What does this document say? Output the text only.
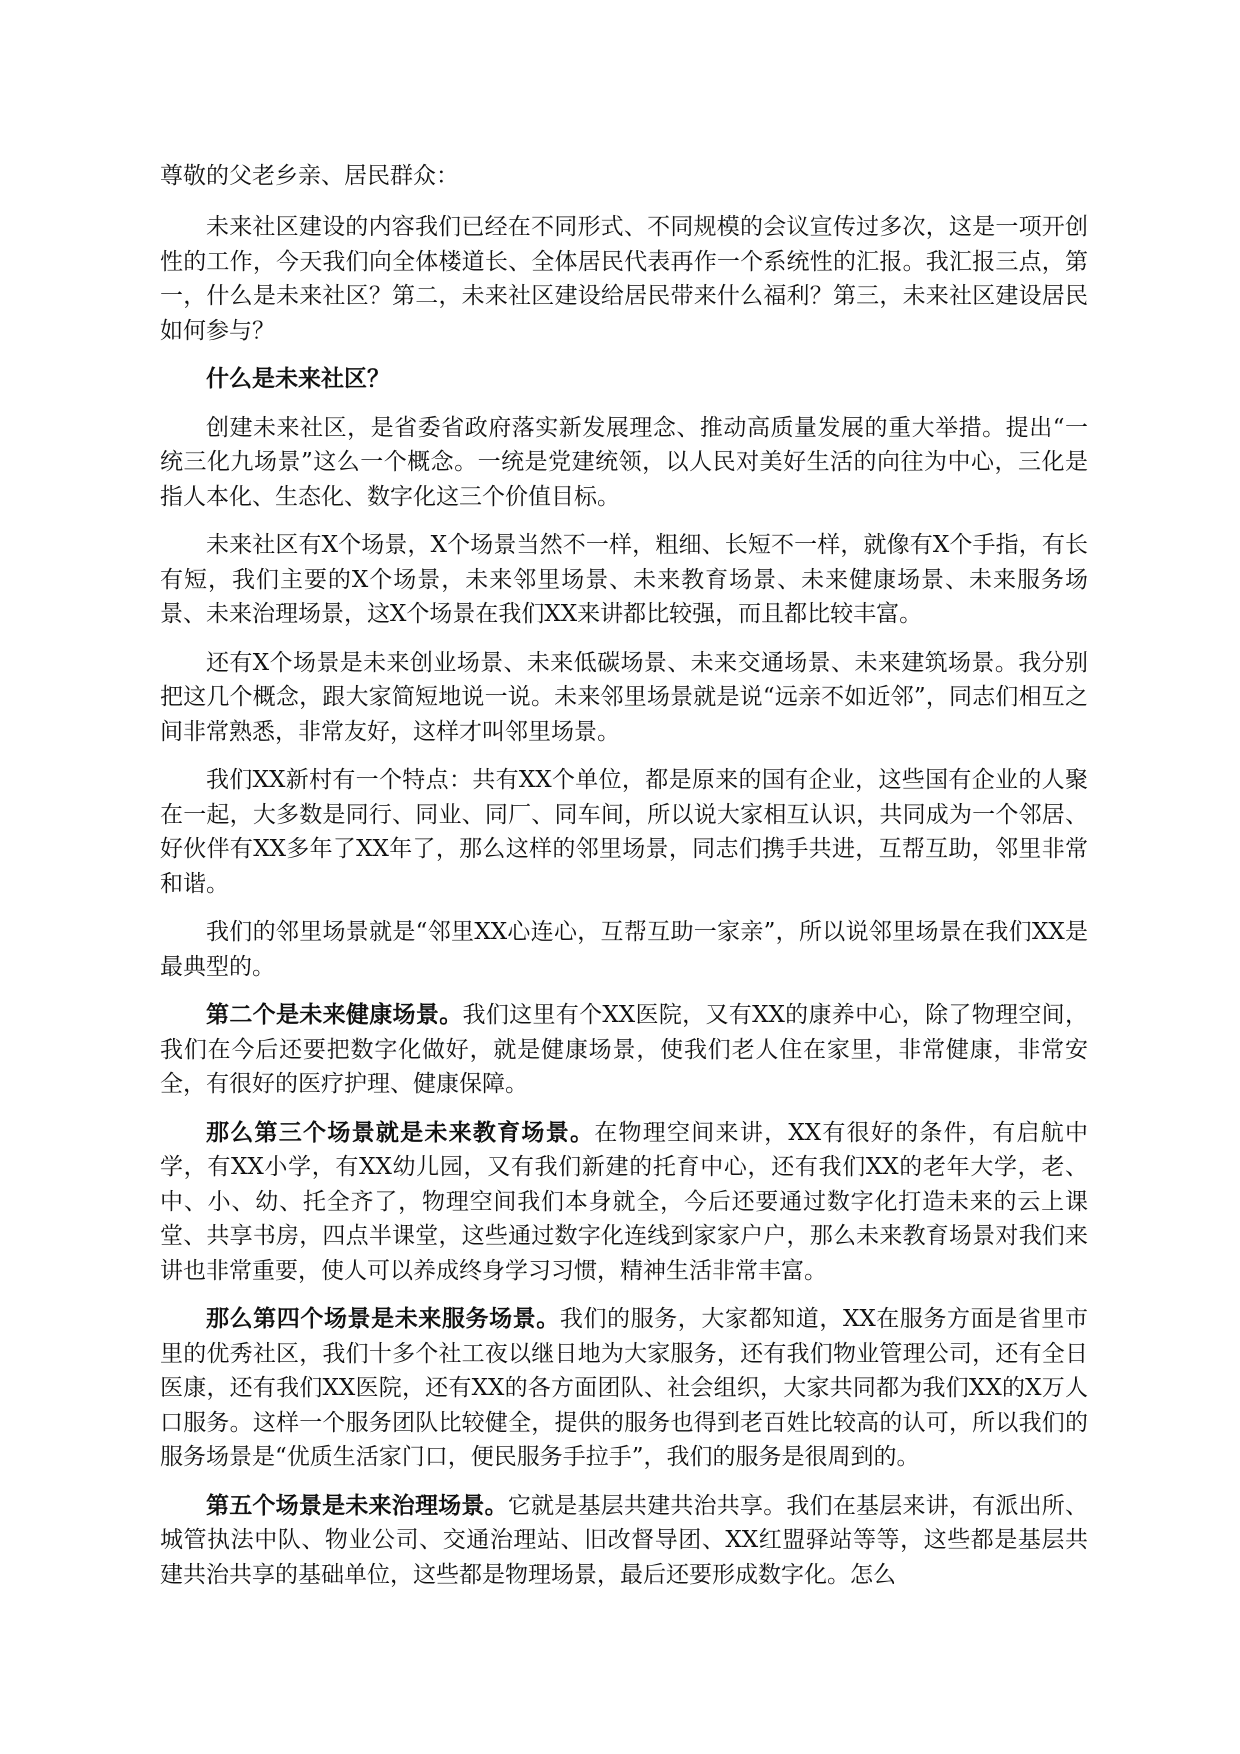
尊敬的父老乡亲、居民群众：

未来社区建设的内容我们已经在不同形式、不同规模的会议宣传过多次，这是一项开创性的工作，今天我们向全体楼道长、全体居民代表再作一个系统性的汇报。我汇报三点，第一，什么是未来社区？第二，未来社区建设给居民带来什么福利？第三，未来社区建设居民如何参与？

什么是未来社区？

创建未来社区，是省委省政府落实新发展理念、推动高质量发展的重大举措。提出“一统三化九场景”这么一个概念。一统是党建统领，以人民对美好生活的向往为中心，三化是指人本化、生态化、数字化这三个价值目标。

未来社区有X个场景，X个场景当然不一样，粗细、长短不一样，就像有X个手指，有长有短，我们主要的X个场景，未来邻里场景、未来教育场景、未来健康场景、未来服务场景、未来治理场景，这X个场景在我们XX来讲都比较强，而且都比较丰富。

还有X个场景是未来创业场景、未来低碳场景、未来交通场景、未来建筑场景。我分别把这几个概念，跟大家简短地说一说。未来邻里场景就是说“远亲不如近邻”，同志们相互之间非常熟悉，非常友好，这样才叫邻里场景。

我们XX新村有一个特点：共有XX个单位，都是原来的国有企业，这些国有企业的人聚在一起，大多数是同行、同业、同厂、同车间，所以说大家相互认识，共同成为一个邻居、好伙伴有XX多年了XX年了，那么这样的邻里场景，同志们携手共进，互帮互助，邻里非常和谐。

我们的邻里场景就是“邻里XX心连心，互帮互助一家亲”，所以说邻里场景在我们XX是最典型的。

第二个是未来健康场景。我们这里有个XX医院，又有XX的康养中心，除了物理空间，我们在今后还要把数字化做好，就是健康场景，使我们老人住在家里，非常健康，非常安全，有很好的医疗护理、健康保障。

那么第三个场景就是未来教育场景。在物理空间来讲，XX有很好的条件，有启航中学，有XX小学，有XX幼儿园，又有我们新建的托育中心，还有我们XX的老年大学，老、中、小、幼、托全齐了，物理空间我们本身就全，今后还要通过数字化打造未来的云上课堂、共享书房，四点半课堂，这些通过数字化连线到家家户户，那么未来教育场景对我们来讲也非常重要，使人可以养成终身学习习惯，精神生活非常丰富。

那么第四个场景是未来服务场景。我们的服务，大家都知道，XX在服务方面是省里市里的优秀社区，我们十多个社工夜以继日地为大家服务，还有我们物业管理公司，还有全日医康，还有我们XX医院，还有XX的各方面团队、社会组织，大家共同都为我们XX的X万人口服务。这样一个服务团队比较健全，提供的服务也得到老百姓比较高的认可，所以我们的服务场景是“优质生活家门口，便民服务手拉手”，我们的服务是很周到的。

第五个场景是未来治理场景。它就是基层共建共治共享。我们在基层来讲，有派出所、城管执法中队、物业公司、交通治理站、旧改督导团、XX红盟驿站等等，这些都是基层共建共治共享的基础单位，这些都是物理场景，最后还要形成数字化。怎么
